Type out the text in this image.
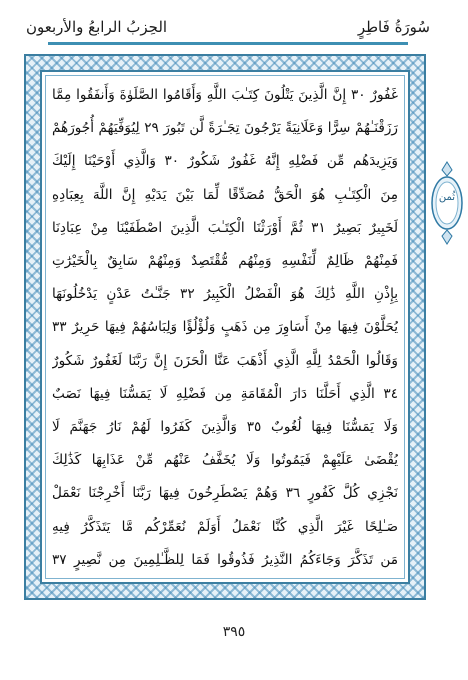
الحِزبُ الرابعُ والأربعون	سُورَةُ فَاطِرٍ
غَفُورٌ ٣٠ إِنَّ الَّذِينَ يَتْلُونَ كِتَـٰبَ اللَّهِ وَأَقَامُوا الصَّلَوٰةَ وَأَنفَقُوا مِمَّا
رَزَقْنَـٰهُمْ سِرًّا وَعَلَانِيَةً يَرْجُونَ تِجَـٰرَةً لَّن تَبُورَ ٢٩ لِيُوَفِّيَهُمْ أُجُورَهُمْ
وَيَزِيدَهُم مِّن فَضْلِهِ إِنَّهُ غَفُورٌ شَكُورٌ ٣٠ وَالَّذِي أَوْحَيْنَا إِلَيْكَ
مِنَ الْكِتَـٰبِ هُوَ الْحَقُّ مُصَدِّقًا لِّمَا بَيْنَ يَدَيْهِ إِنَّ اللَّهَ بِعِبَادِهِ
لَخَبِيرٌ بَصِيرٌ ٣١ ثُمَّ أَوْرَثْنَا الْكِتَـٰبَ الَّذِينَ اصْطَفَيْنَا مِنْ عِبَادِنَا
فَمِنْهُمْ ظَالِمٌ لِّنَفْسِهِ وَمِنْهُم مُّقْتَصِدٌ وَمِنْهُمْ سَابِقٌ بِالْخَيْرَٰتِ
بِإِذْنِ اللَّهِ ذَٰلِكَ هُوَ الْفَضْلُ الْكَبِيرُ ٣٢ جَنَّـٰتُ عَدْنٍ يَدْخُلُونَهَا
يُحَلَّوْنَ فِيهَا مِنْ أَسَاوِرَ مِن ذَهَبٍ وَلُؤْلُؤًا وَلِبَاسُهُمْ فِيهَا حَرِيرٌ ٣٣
وَقَالُوا الْحَمْدُ لِلَّهِ الَّذِي أَذْهَبَ عَنَّا الْحَزَنَ إِنَّ رَبَّنَا لَغَفُورٌ شَكُورٌ
٣٤ الَّذِي أَحَلَّنَا دَارَ الْمُقَامَةِ مِن فَضْلِهِ لَا يَمَسُّنَا فِيهَا نَصَبٌ
وَلَا يَمَسُّنَا فِيهَا لُغُوبٌ ٣٥ وَالَّذِينَ كَفَرُوا لَهُمْ نَارُ جَهَنَّمَ لَا
يُقْضَىٰ عَلَيْهِمْ فَيَمُوتُوا وَلَا يُخَفَّفُ عَنْهُم مِّنْ عَذَابِهَا كَذَٰلِكَ
نَجْزِي كُلَّ كَفُورٍ ٣٦ وَهُمْ يَصْطَرِخُونَ فِيهَا رَبَّنَا أَخْرِجْنَا نَعْمَلْ
صَـٰلِحًا غَيْرَ الَّذِي كُنَّا نَعْمَلُ أَوَلَمْ نُعَمِّرْكُم مَّا يَتَذَكَّرُ فِيهِ
مَن تَذَكَّرَ وَجَاءَكُمُ النَّذِيرُ فَذُوقُوا فَمَا لِلظَّـٰلِمِينَ مِن نَّصِيرٍ ٣٧
ثُمن
٣٩٥
